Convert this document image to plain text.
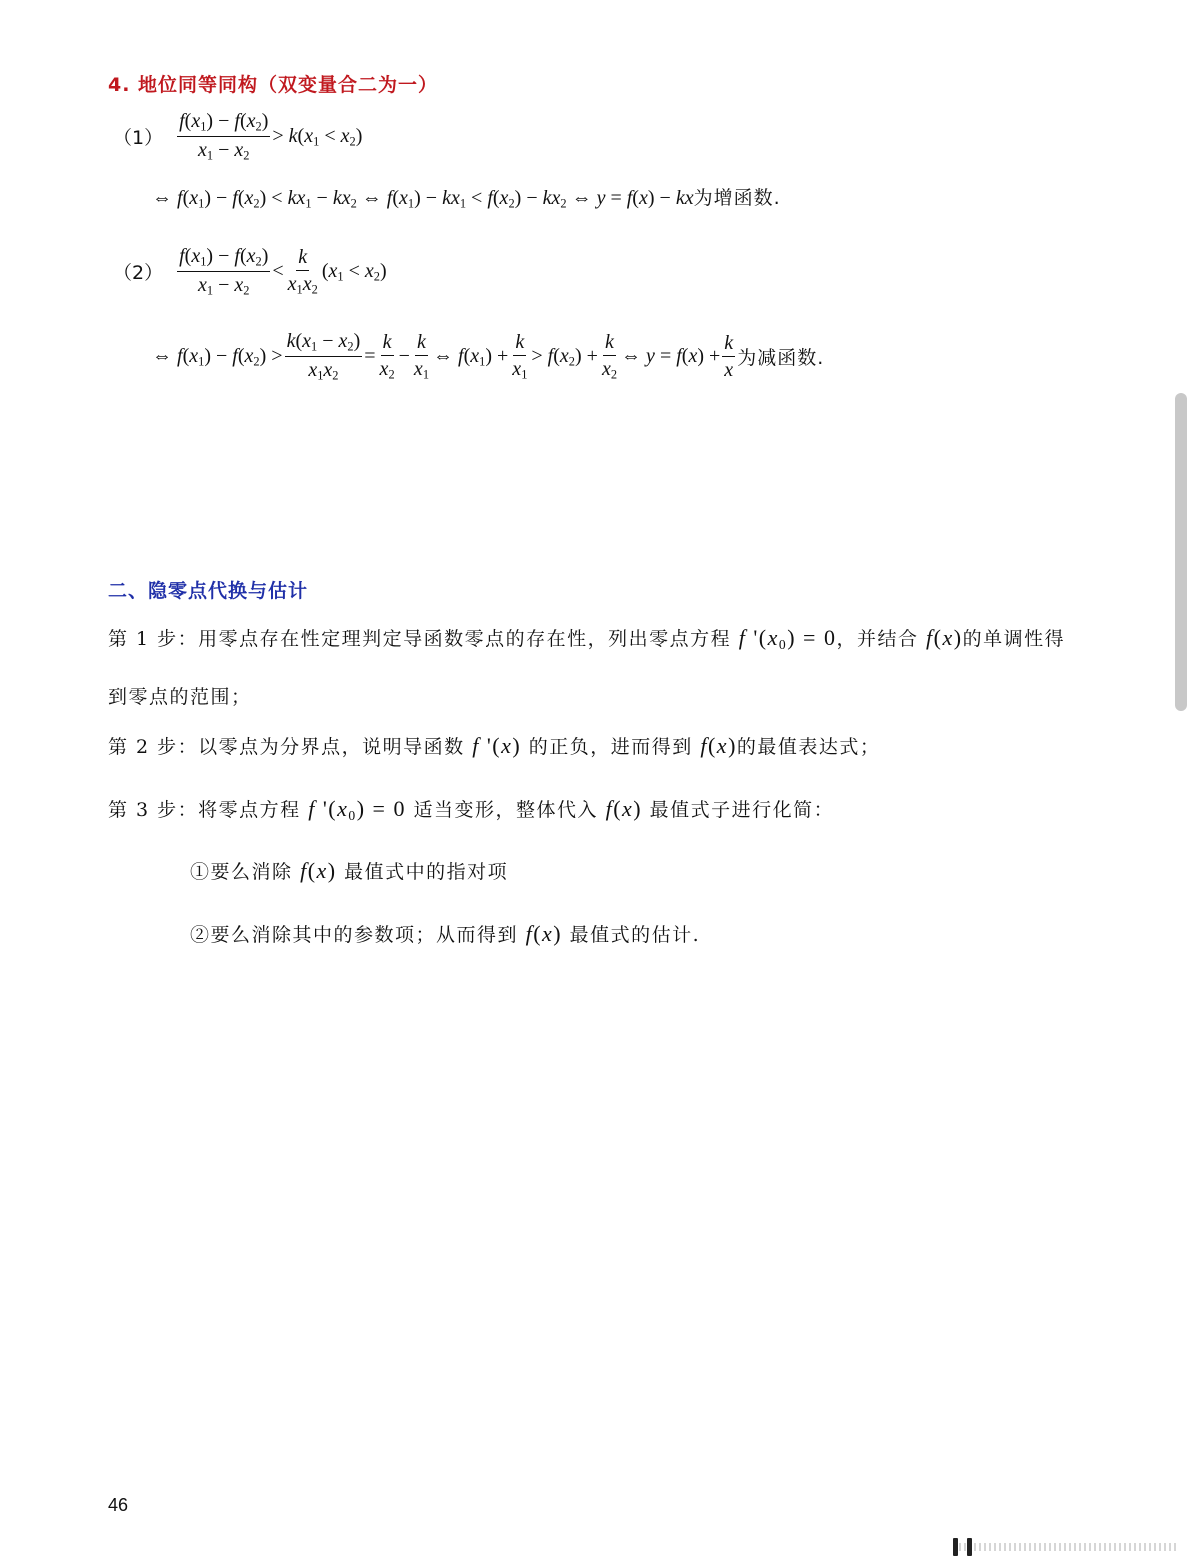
4. 地位同等同构（双变量合二为一）
$(1) \frac{f(x_1) - f(x_2)}{x_1 - x_2} > k(x_1 < x_2)$
⇔ $f(x_1) - f(x_2) < kx_1 - kx_2$ ⇔ $f(x_1) - kx_1 < f(x_2) - kx_2$ ⇔ y = f(x) − kx为增函数.
$(2) \frac{f(x_1) - f(x_2)}{x_1 - x_2} < \frac{k}{x_1x_2} (x_1 < x_2)$
⇔ $f(x_1) - f(x_2) > \frac{k(x_1 - x_2)}{x_1x_2} = \frac{k}{x_2} - \frac{k}{x_1}$ ⇔ $f(x_1) + \frac{k}{x_1} > f(x_2) + \frac{k}{x_2}$ ⇔ $y = f(x) + \frac{k}{x}$ 为减函数.
二、隐零点代换与估计
第 1 步：用零点存在性定理判定导函数零点的存在性，列出零点方程 f '$(x_0) = 0$，并结合 f(x)的单调性得
到零点的范围；
第 2 步：以零点为分界点，说明导函数 f '(x) 的正负，进而得到 f(x)的最值表达式；
第 3 步：将零点方程 f '$(x_0) = 0$ 适当变形，整体代入 f(x) 最值式子进行化简：
①要么消除 f(x) 最值式中的指对项
②要么消除其中的参数项；从而得到 f(x) 最值式的估计.
46
